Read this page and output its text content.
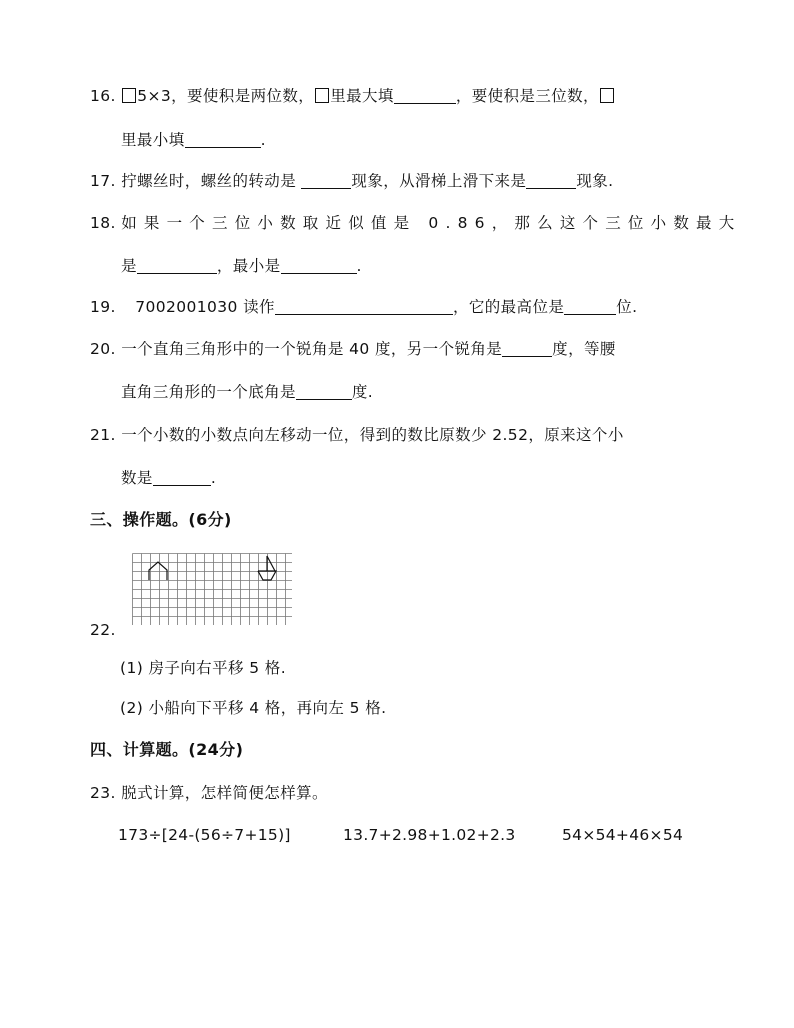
16. 5×3，要使积是两位数， 里最大填	，要使积是三位数，
里最小填	.
17. 拧螺丝时，螺丝的转动是	现象，从滑梯上滑下来是	现象.
18. 如果一个三位小数取近似值是 0.86，那么这个三位小数最大
是	，最小是	.
19. 7002001030 读作	，它的最高位是	位.
20. 一个直角三角形中的一个锐角是 40 度，另一个锐角是	度，等腰
直角三角形的一个底角是	度.
21. 一个小数的小数点向左移动一位，得到的数比原数少 2.52，原来这个小
数是	.
三、操作题。(6分)
22.
(1) 房子向右平移 5 格.
(2) 小船向下平移 4 格，再向左 5 格.
四、计算题。(24分)
23. 脱式计算，怎样简便怎样算。
173÷[24-(56÷7+15)]	13.7+2.98+1.02+2.3	54×54+46×54
